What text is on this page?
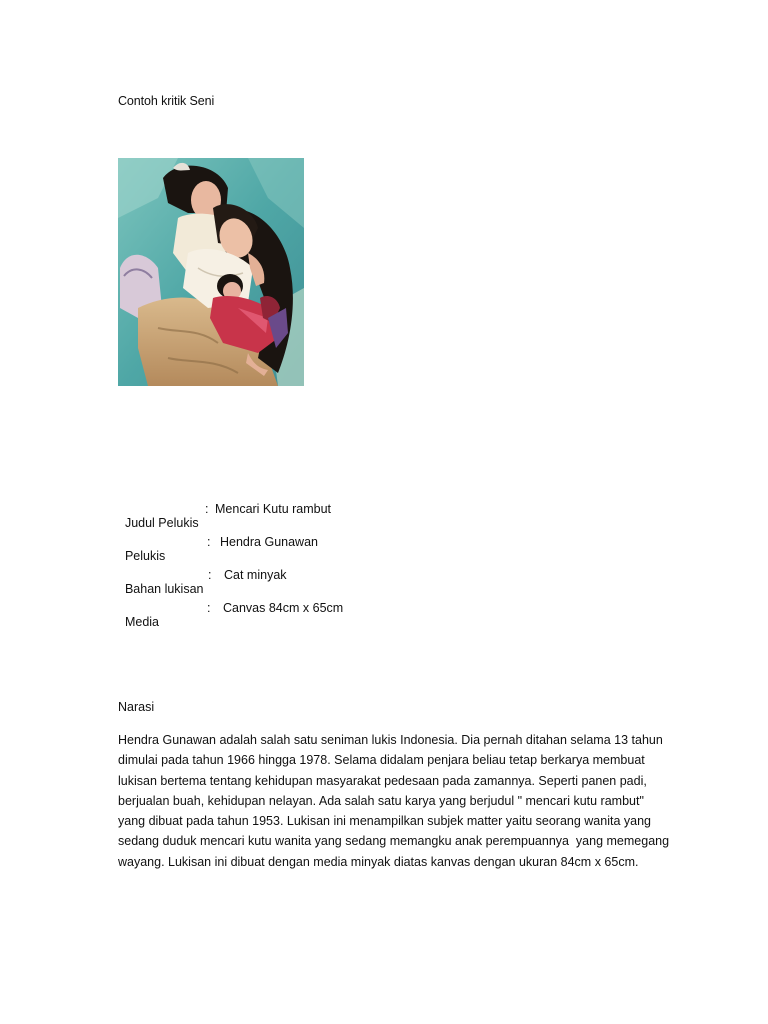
Contoh kritik Seni

Judul Pelukis

:

Mencari Kutu rambut

Pelukis

:

Hendra Gunawan

Bahan lukisan

:

Cat minyak

Media

:

Canvas 84cm x 65cm

Narasi
Hendra Gunawan adalah salah satu seniman lukis Indonesia. Dia pernah ditahan selama 13 tahun
dimulai pada tahun 1966 hingga 1978. Selama didalam penjara beliau tetap berkarya membuat
lukisan bertema tentang kehidupan masyarakat pedesaan pada zamannya. Seperti panen padi,
berjualan buah, kehidupan nelayan. Ada salah satu karya yang berjudul " mencari kutu rambut"
yang dibuat pada tahun 1953. Lukisan ini menampilkan subjek matter yaitu seorang wanita yang
sedang duduk mencari kutu wanita yang sedang memangku anak perempuannya  yang memegang
wayang. Lukisan ini dibuat dengan media minyak diatas kanvas dengan ukuran 84cm x 65cm.
